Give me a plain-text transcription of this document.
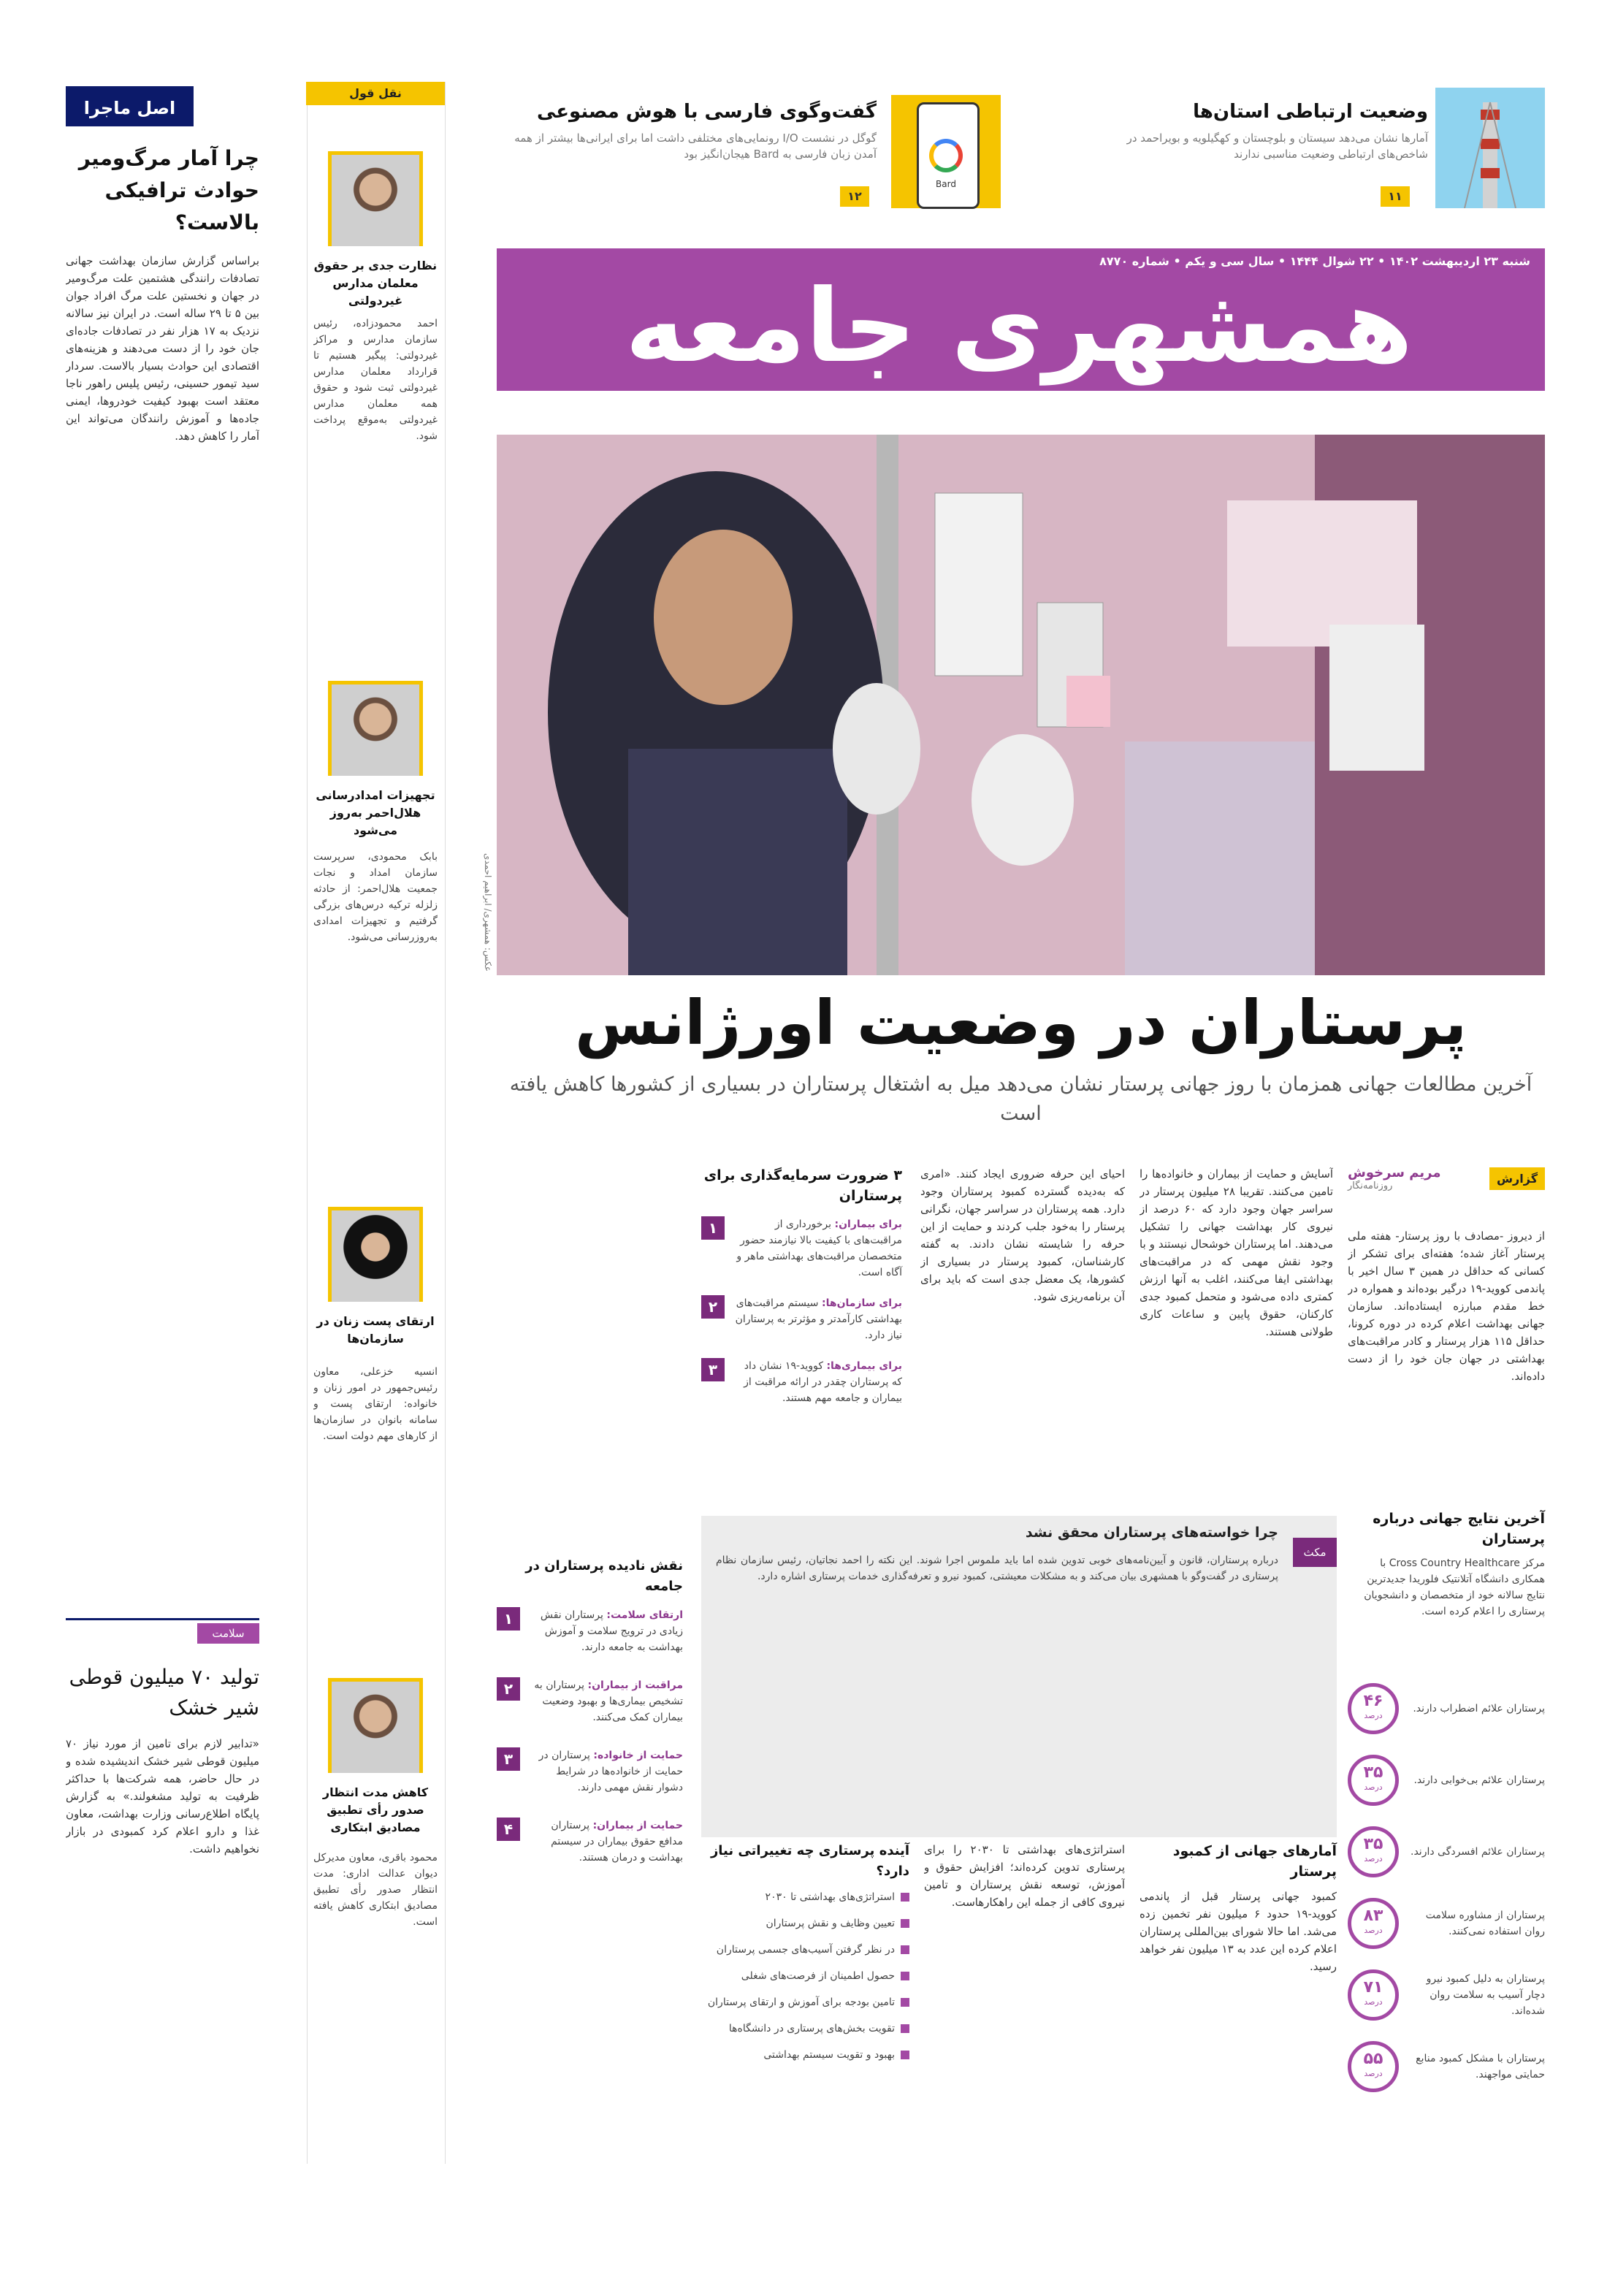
وضعیت ارتباطی استان‌ها
آمارها نشان می‌دهد سیستان و بلوچستان و کهگیلویه و بویراحمد در شاخص‌های ارتباطی وضعیت مناسبی ندارند
۱۱
Bard
گفت‌وگوی فارسی با هوش مصنوعی
گوگل در نشست I/O رونمایی‌های مختلفی داشت اما برای ایرانی‌ها بیشتر از همه آمدن زبان فارسی به Bard هیجان‌انگیز بود
۱۲
شنبه ۲۳ اردیبهشت ۱۴۰۲ • ۲۲ شوال ۱۴۴۴ • سال سی و یکم • شماره ۸۷۷۰
همشهری جامعه
عکس: همشهری/ ابراهیم احمدی
پرستاران در وضعیت اورژانس
آخرین مطالعات جهانی همزمان با روز جهانی پرستار نشان می‌دهد میل به اشتغال پرستاران در بسیاری از کشورها کاهش یافته است
گزارش
مریم سرخوش
روزنامه‌نگار
از دیروز -مصادف با روز پرستار- هفته ملی پرستار آغاز شده؛ هفته‌ای برای تشکر از کسانی که حداقل در همین ۳ سال اخیر با پاندمی کووید-۱۹ درگیر بوده‌اند و همواره در خط مقدم مبارزه ایستاده‌اند. سازمان جهانی بهداشت اعلام کرده در دوره کرونا، حداقل ۱۱۵ هزار پرستار و کادر مراقبت‌های بهداشتی در جهان جان خود را از دست داده‌اند.
آسایش و حمایت از بیماران و خانواده‌ها را تامین می‌کنند. تقریبا ۲۸ میلیون پرستار در سراسر جهان وجود دارد که ۶۰ درصد از نیروی کار بهداشت جهانی را تشکیل می‌دهند. اما پرستاران خوشحال نیستند و با وجود نقش مهمی که در مراقبت‌های بهداشتی ایفا می‌کنند، اغلب به آنها ارزش کمتری داده می‌شود و متحمل کمبود جدی کارکنان، حقوق پایین و ساعات کاری طولانی هستند.
احیای این حرفه ضروری ایجاد کنند. «امری که به‌دیده گسترده کمبود پرستاران وجود دارد. همه پرستاران در سراسر جهان، نگرانی پرستار را به‌خود جلب کردند و حمایت از این حرفه را شایسته نشان دادند. به گفته کارشناسان، کمبود پرستار در بسیاری از کشورها، یک معضل جدی است که باید برای آن برنامه‌ریزی شود.
۳ ضرورت سرمایه‌گذاری برای پرستاران
برای بیماران: برخورداری از مراقبت‌های با کیفیت بالا نیازمند حضور متخصصان مراقبت‌های بهداشتی ماهر و آگاه است.
۱
برای سازمان‌ها: سیستم مراقبت‌های بهداشتی کارآمدتر و مؤثرتر به پرستاران نیاز دارد.
۲
برای بیماری‌ها: کووید-۱۹ نشان داد که پرستاران چقدر در ارائه مراقبت از بیماران و جامعه مهم هستند.
۳
مکث
چرا خواسته‌های پرستاران محقق نشد
درباره پرستاران، قانون و آیین‌نامه‌های خوبی تدوین شده اما باید ملموس اجرا شوند. این نکته را احمد نجاتیان، رئیس سازمان نظام پرستاری در گفت‌وگو با همشهری بیان می‌کند و به مشکلات معیشتی، کمبود نیرو و تعرفه‌گذاری خدمات پرستاری اشاره دارد.
آخرین نتایج جهانی درباره پرستاران
مرکز Cross Country Healthcare با همکاری دانشگاه آتلانتیک فلوریدا جدیدترین نتایج سالانه خود از متخصصان و دانشجویان پرستاری را اعلام کرده است.
پرستاران علائم اضطراب دارند.
۴۶
درصد
پرستاران علائم بی‌خوابی دارند.
۳۵
درصد
پرستاران علائم افسردگی دارند.
۳۵
درصد
پرستاران از مشاوره سلامت روان استفاده نمی‌کنند.
۸۳
درصد
پرستاران به دلیل کمبود نیرو دچار آسیب به سلامت روان شده‌اند.
۷۱
درصد
پرستاران با مشکل کمبود منابع حمایتی مواجهند.
۵۵
درصد
آمارهای جهانی از کمبود پرستار
کمبود جهانی پرستار قبل از پاندمی کووید-۱۹ حدود ۶ میلیون نفر تخمین زده می‌شد. اما حالا شورای بین‌المللی پرستاران اعلام کرده این عدد به ۱۳ میلیون نفر خواهد رسید.
استراتژی‌های بهداشتی تا ۲۰۳۰ را برای پرستاری تدوین کرده‌اند؛ افزایش حقوق و آموزش، توسعه نقش پرستاران و تامین نیروی کافی از جمله این راهکارهاست.
آینده پرستاری چه تغییراتی نیاز دارد؟
استراتژی‌های بهداشتی تا ۲۰۳۰
تعیین وظایف و نقش پرستاران
در نظر گرفتن آسیب‌های جسمی پرستاران
حصول اطمینان از فرصت‌های شغلی
تامین بودجه برای آموزش و ارتقای پرستاران
تقویت بخش‌های پرستاری در دانشگاه‌ها
بهبود و تقویت سیستم بهداشتی
نقش نادیده پرستاران در جامعه
ارتقای سلامت: پرستاران نقش زیادی در ترویج سلامت و آموزش بهداشت به جامعه دارند.
۱
مراقبت از بیماران: پرستاران به تشخیص بیماری‌ها و بهبود وضعیت بیماران کمک می‌کنند.
۲
حمایت از خانواده: پرستاران در حمایت از خانواده‌ها در شرایط دشوار نقش مهمی دارند.
۳
حمایت از بیماران: پرستاران مدافع حقوق بیماران در سیستم بهداشت و درمان هستند.
۴
نقل قول
نظارت جدی بر حقوق معلمان مدارس غیردولتی
احمد محمودزاده، رئیس سازمان مدارس و مراکز غیردولتی: پیگیر هستیم تا قرارداد معلمان مدارس غیردولتی ثبت شود و حقوق همه معلمان مدارس غیردولتی به‌موقع پرداخت شود.
تجهیزات امدادرسانی هلال‌احمر به‌روز می‌شود
بابک محمودی، سرپرست سازمان امداد و نجات جمعیت هلال‌احمر: از حادثه زلزله ترکیه درس‌های بزرگی گرفتیم و تجهیزات امدادی به‌روزرسانی می‌شود.
ارتقای پست زنان در سازمان‌ها
انسیه خزعلی، معاون رئیس‌جمهور در امور زنان و خانواده: ارتقای پست و سامانه بانوان در سازمان‌ها از کارهای مهم دولت است.
کاهش مدت انتظار صدور رأی تطبیق مصادیق ابتکاری
محمود باقری، معاون مدیرکل دیوان عدالت اداری: مدت انتظار صدور رأی تطبیق مصادیق ابتکاری کاهش یافته است.
اصل ماجرا
چرا آمار مرگ‌ومیر حوادث ترافیکی بالاست؟
براساس گزارش سازمان بهداشت جهانی تصادفات رانندگی هشتمین علت مرگ‌ومیر در جهان و نخستین علت مرگ افراد جوان بین ۵ تا ۲۹ ساله است. در ایران نیز سالانه نزدیک به ۱۷ هزار نفر در تصادفات جاده‌ای جان خود را از دست می‌دهند و هزینه‌های اقتصادی این حوادث بسیار بالاست. سردار سید تیمور حسینی، رئیس پلیس راهور ناجا معتقد است بهبود کیفیت خودروها، ایمنی جاده‌ها و آموزش رانندگان می‌تواند این آمار را کاهش دهد.
سلامت
تولید ۷۰ میلیون قوطی شیر خشک
«تدابیر لازم برای تامین از مورد نیاز ۷۰ میلیون قوطی شیر خشک اندیشیده شده و در حال حاضر، همه شرکت‌ها با حداکثر ظرفیت به تولید مشغولند.» به گزارش پایگاه اطلاع‌رسانی وزارت بهداشت، معاون غذا و دارو اعلام کرد کمبودی در بازار نخواهیم داشت.
